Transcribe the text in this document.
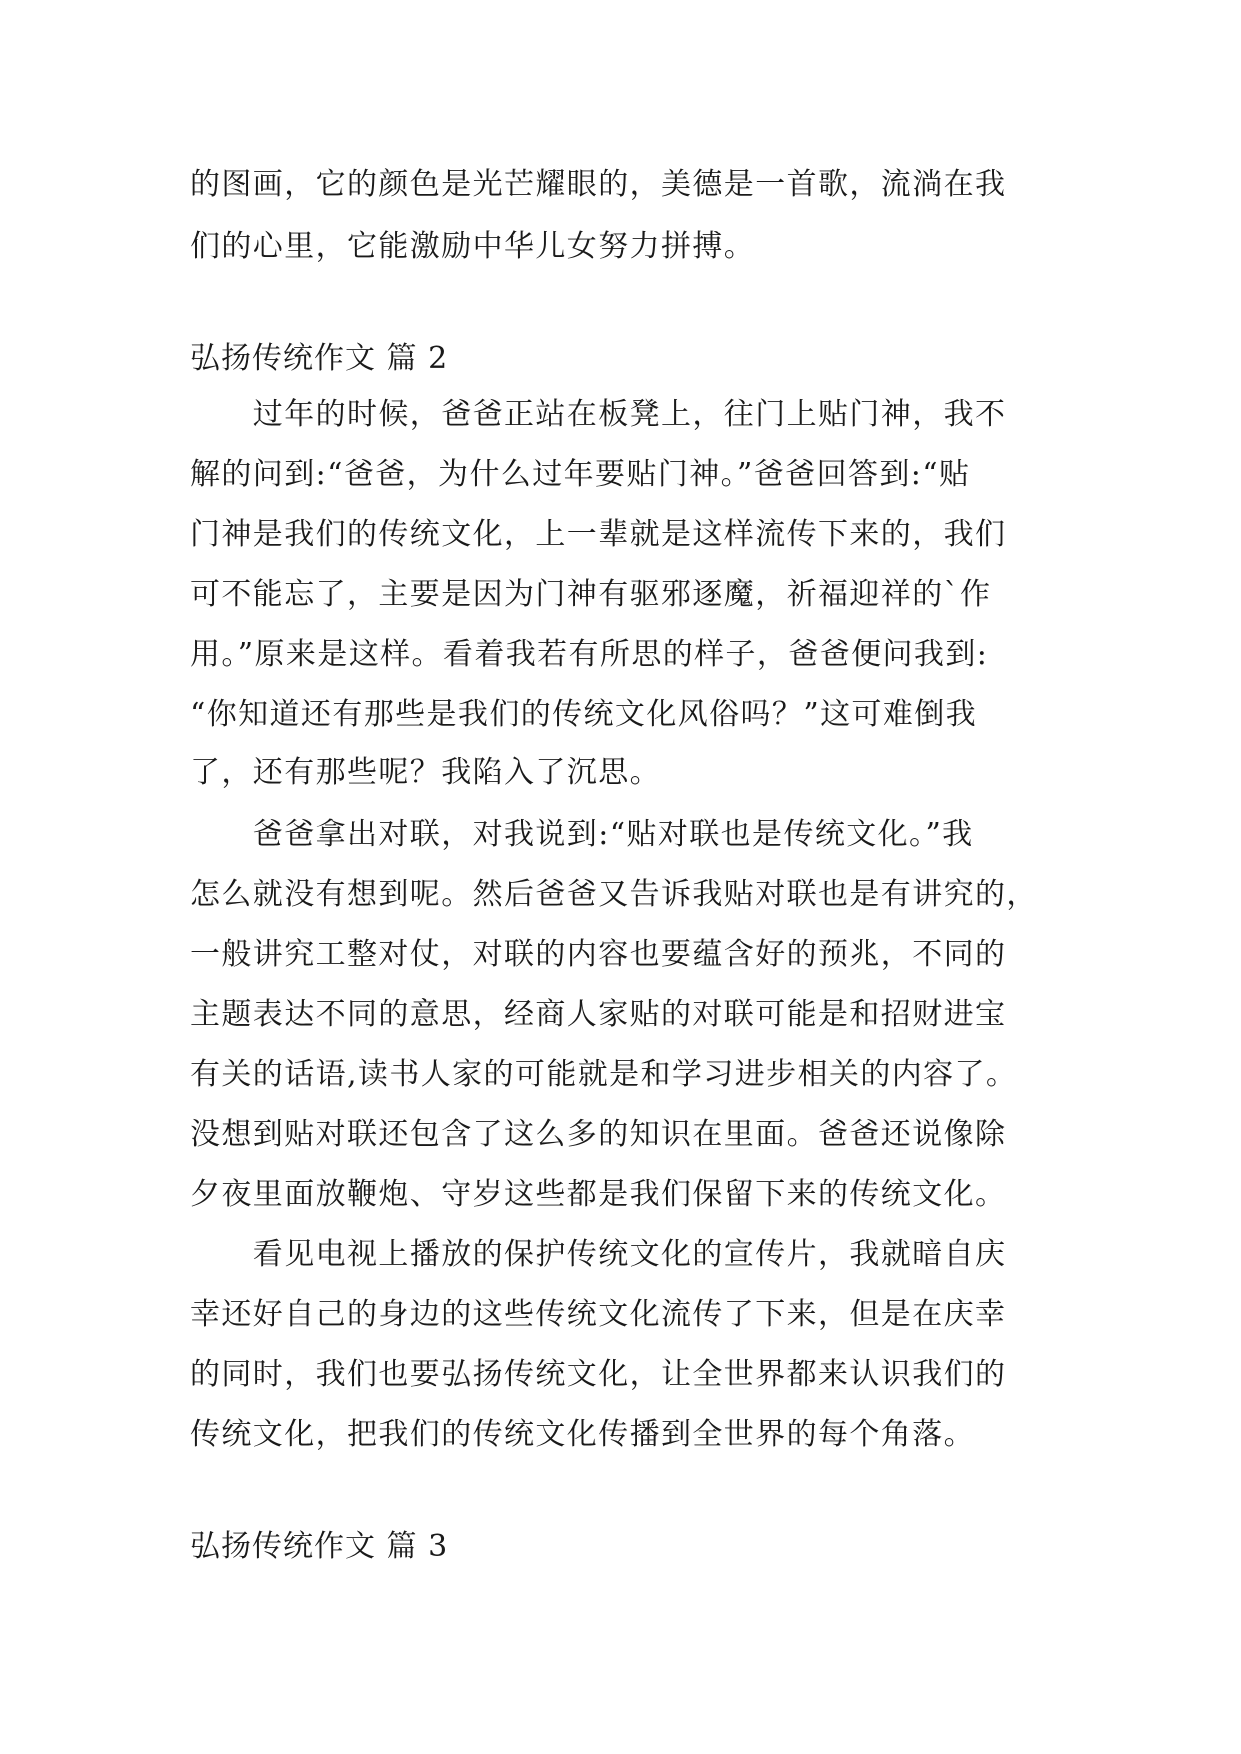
的图画，它的颜色是光芒耀眼的，美德是一首歌，流淌在我
们的心里，它能激励中华儿女努力拼搏。
弘扬传统作文 篇 2
　　过年的时候，爸爸正站在板凳上，往门上贴门神，我不
解的问到:“爸爸，为什么过年要贴门神。”爸爸回答到:“贴
门神是我们的传统文化，上一辈就是这样流传下来的，我们
可不能忘了，主要是因为门神有驱邪逐魔，祈福迎祥的`作
用。”原来是这样。看着我若有所思的样子，爸爸便问我到:
“你知道还有那些是我们的传统文化风俗吗？”这可难倒我
了，还有那些呢？我陷入了沉思。
　　爸爸拿出对联，对我说到:“贴对联也是传统文化。”我
怎么就没有想到呢。然后爸爸又告诉我贴对联也是有讲究的，
一般讲究工整对仗，对联的内容也要蕴含好的预兆，不同的
主题表达不同的意思，经商人家贴的对联可能是和招财进宝
有关的话语,读书人家的可能就是和学习进步相关的内容了。
没想到贴对联还包含了这么多的知识在里面。爸爸还说像除
夕夜里面放鞭炮、守岁这些都是我们保留下来的传统文化。
　　看见电视上播放的保护传统文化的宣传片，我就暗自庆
幸还好自己的身边的这些传统文化流传了下来，但是在庆幸
的同时，我们也要弘扬传统文化，让全世界都来认识我们的
传统文化，把我们的传统文化传播到全世界的每个角落。
弘扬传统作文 篇 3
